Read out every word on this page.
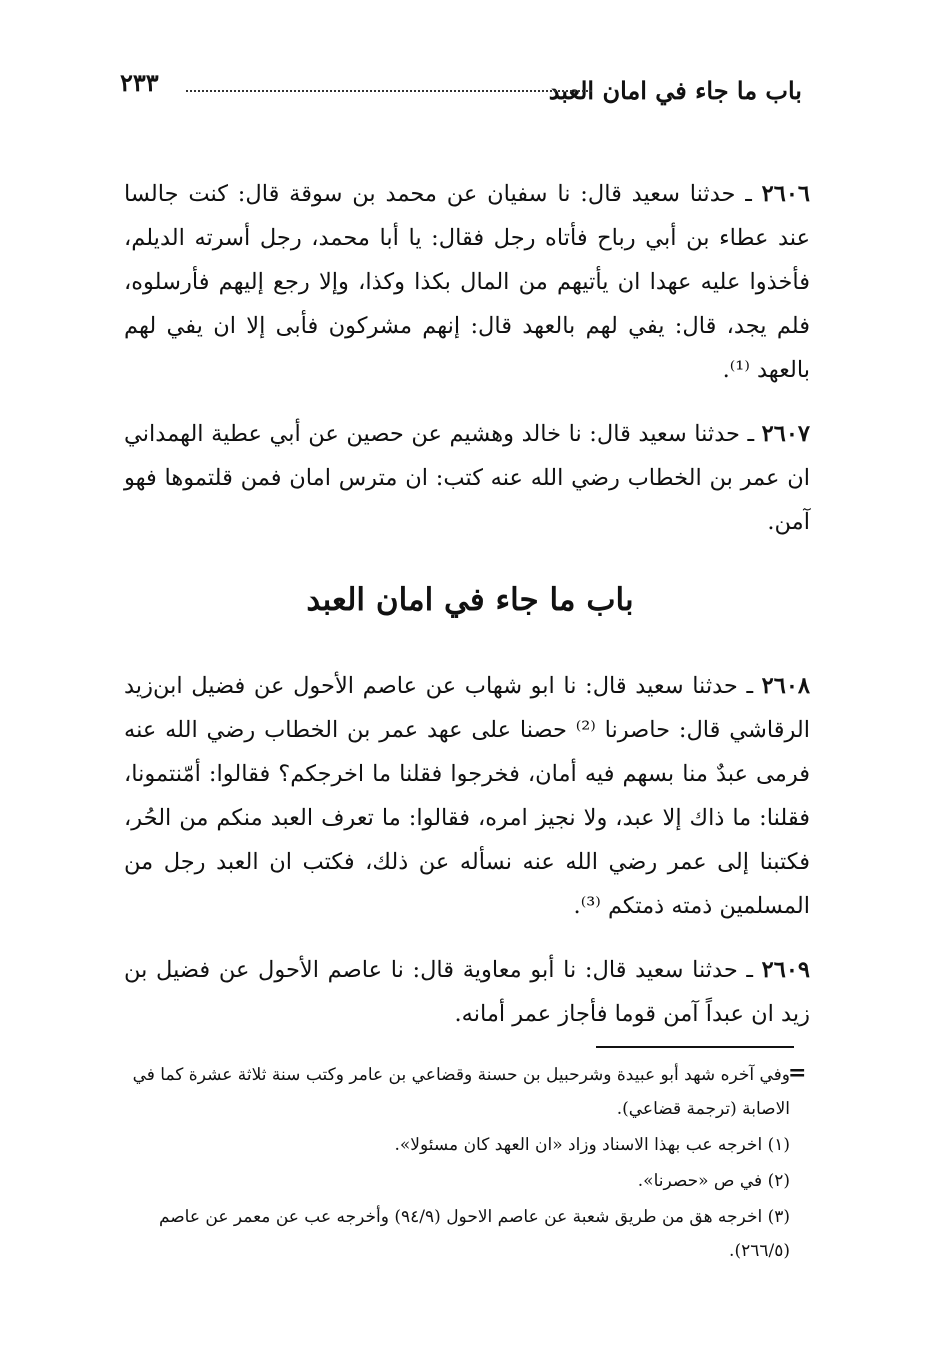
باب ما جاء في امان العبد
٢٣٣
٢٦٠٦ ـ حدثنا سعيد قال: نا سفيان عن محمد بن سوقة قال: كنت جالسا عند عطاء بن أبي رباح فأتاه رجل فقال: يا أبا محمد، رجل أسرته الديلم، فأخذوا عليه عهدا ان يأتيهم من المال بكذا وكذا، وإلا رجع إليهم فأرسلوه، فلم يجد، قال: يفي لهم بالعهد قال: إنهم مشركون فأبى إلا ان يفي لهم بالعهد ⁽¹⁾.
٢٦٠٧ ـ حدثنا سعيد قال: نا خالد وهشيم عن حصين عن أبي عطية الهمداني ان عمر بن الخطاب رضي الله عنه كتب: ان مترس امان فمن قلتموها فهو آمن.
باب ما جاء في امان العبد
٢٦٠٨ ـ حدثنا سعيد قال: نا ابو شهاب عن عاصم الأحول عن فضيل ابن‌زيد الرقاشي قال: حاصرنا ⁽²⁾ حصنا على عهد عمر بن الخطاب رضي الله عنه فرمى عبدٌ منا بسهم فيه أمان، فخرجوا فقلنا ما اخرجكم؟ فقالوا: أمّنتمونا، فقلنا: ما ذاك إلا عبد، ولا نجيز امره، فقالوا: ما تعرف العبد منكم من الحُر، فكتبنا إلى عمر رضي الله عنه نسأله عن ذلك، فكتب ان العبد رجل من المسلمين ذمته ذمتكم ⁽³⁾.
٢٦٠٩ ـ حدثنا سعيد قال: نا أبو معاوية قال: نا عاصم الأحول عن فضيل بن زيد ان عبداً آمن قوما فأجاز عمر أمانه.
=
وفي آخره شهد أبو عبيدة وشرحبيل بن حسنة وقضاعي بن عامر وكتب سنة ثلاثة عشرة كما في الاصابة (ترجمة قضاعي).
(١) اخرجه عب بهذا الاسناد وزاد «ان العهد كان مسئولا».
(٢) في ص «حصرنا».
(٣) اخرجه هق من طريق شعبة عن عاصم الاحول (٩٤/٩) وأخرجه عب عن معمر عن عاصم (٢٦٦/٥).
